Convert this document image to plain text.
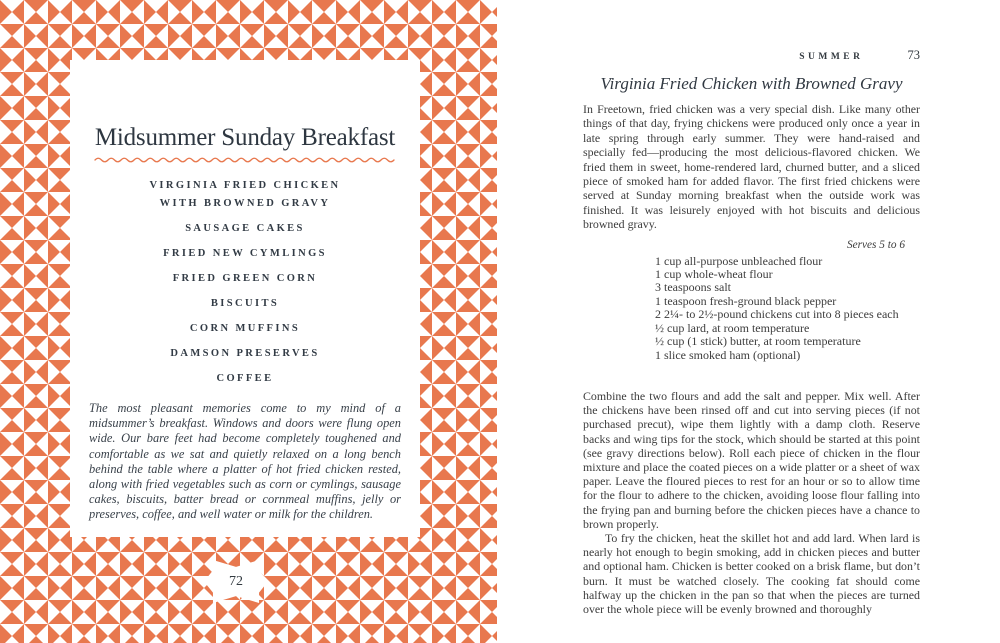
Midsummer Sunday Breakfast
VIRGINIA FRIED CHICKEN
WITH BROWNED GRAVY
SAUSAGE CAKES
FRIED NEW CYMLINGS
FRIED GREEN CORN
BISCUITS
CORN MUFFINS
DAMSON PRESERVES
COFFEE

The most pleasant memories come to my mind of a midsummer’s breakfast. Windows and doors were flung open wide. Our bare feet had become completely toughened and comfortable as we sat and quietly relaxed on a long bench behind the table where a platter of hot fried chicken rested, along with fried vegetables such as corn or cymlings, sausage cakes, biscuits, batter bread or cornmeal muffins, jelly or preserves, coffee, and well water or milk for the children.

72
SUMMER	73
Virginia Fried Chicken with Browned Gravy

In Freetown, fried chicken was a very special dish. Like many other things of that day, frying chickens were produced only once a year in late spring through early summer. They were hand-raised and specially fed—producing the most delicious-flavored chicken. We fried them in sweet, home-rendered lard, churned butter, and a sliced piece of smoked ham for added flavor. The first fried chickens were served at Sunday morning breakfast when the outside work was finished. It was leisurely enjoyed with hot biscuits and delicious browned gravy.

Serves 5 to 6
1 cup all-purpose unbleached flour
1 cup whole-wheat flour
3 teaspoons salt
1 teaspoon fresh-ground black pepper
2 2¼- to 2½-pound chickens cut into 8 pieces each
½ cup lard, at room temperature
½ cup (1 stick) butter, at room temperature
1 slice smoked ham (optional)

Combine the two flours and add the salt and pepper. Mix well. After the chickens have been rinsed off and cut into serving pieces (if not purchased precut), wipe them lightly with a damp cloth. Reserve backs and wing tips for the stock, which should be started at this point (see gravy directions below). Roll each piece of chicken in the flour mixture and place the coated pieces on a wide platter or a sheet of wax paper. Leave the floured pieces to rest for an hour or so to allow time for the flour to adhere to the chicken, avoiding loose flour falling into the frying pan and burning before the chicken pieces have a chance to brown properly.

To fry the chicken, heat the skillet hot and add lard. When lard is nearly hot enough to begin smoking, add in chicken pieces and butter and optional ham. Chicken is better cooked on a brisk flame, but don’t burn. It must be watched closely. The cooking fat should come halfway up the chicken in the pan so that when the pieces are turned over the whole piece will be evenly browned and thoroughly
